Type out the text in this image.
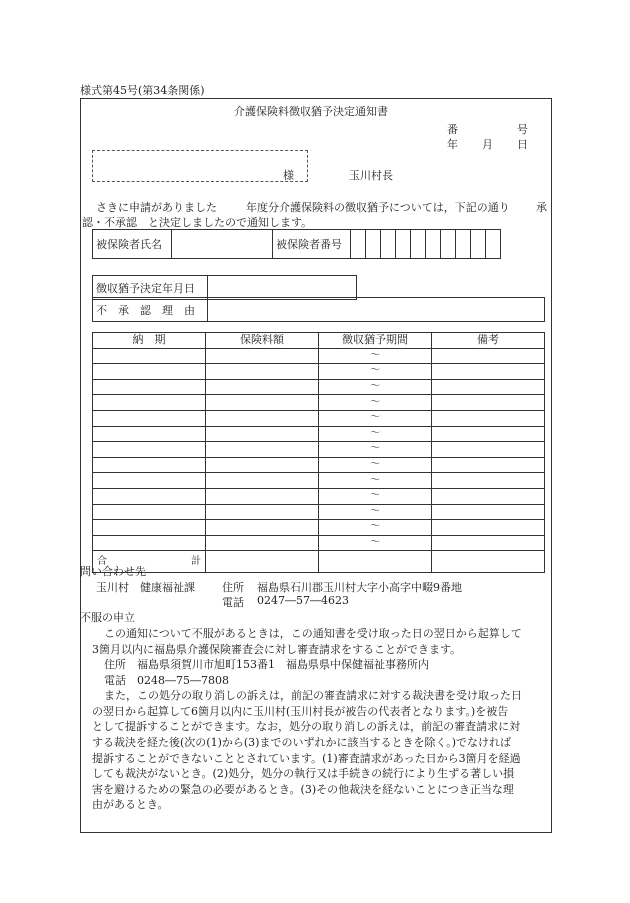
様式第45号(第34条関係)
介護保険料徴収猶予決定通知書
番	号
年 月 日
様	玉川村長
さきに申請がありました	年度分介護保険料の徴収猶予については，下記の通り 承
認・不承認　と決定しましたので通知します。
被保険者氏名		被保険者番号										
徴収猶予決定年月日	
不　承　認　理　由	
納　期	保険料額	徴収猶予期間	備考
		～	
		～	
		～	
		～	
		～	
		～	
		～	
		～	
		～	
		～	
		～	
		～	
		～	

合 計			

問い合わせ先
玉川村　健康福祉課 住所 福島県石川郡玉川村大字小高字中畷9番地
電話 0247―57―4623
不服の申立
この通知について不服があるときは，この通知書を受け取った日の翌日から起算して
3箇月以内に福島県介護保険審査会に対し審査請求をすることができます。
住所　福島県須賀川市旭町153番1　福島県県中保健福祉事務所内
電話　0248―75―7808
また，この処分の取り消しの訴えは，前記の審査請求に対する裁決書を受け取った日
の翌日から起算して6箇月以内に玉川村(玉川村長が被告の代表者となります。)を被告
として提訴することができます。なお，処分の取り消しの訴えは，前記の審査請求に対
する裁決を経た後(次の(1)から(3)までのいずれかに該当するときを除く。)でなければ
提訴することができないこととされています。(1)審査請求があった日から3箇月を経過
しても裁決がないとき。(2)処分，処分の執行又は手続きの続行により生ずる著しい損
害を避けるための緊急の必要があるとき。(3)その他裁決を経ないことにつき正当な理
由があるとき。
